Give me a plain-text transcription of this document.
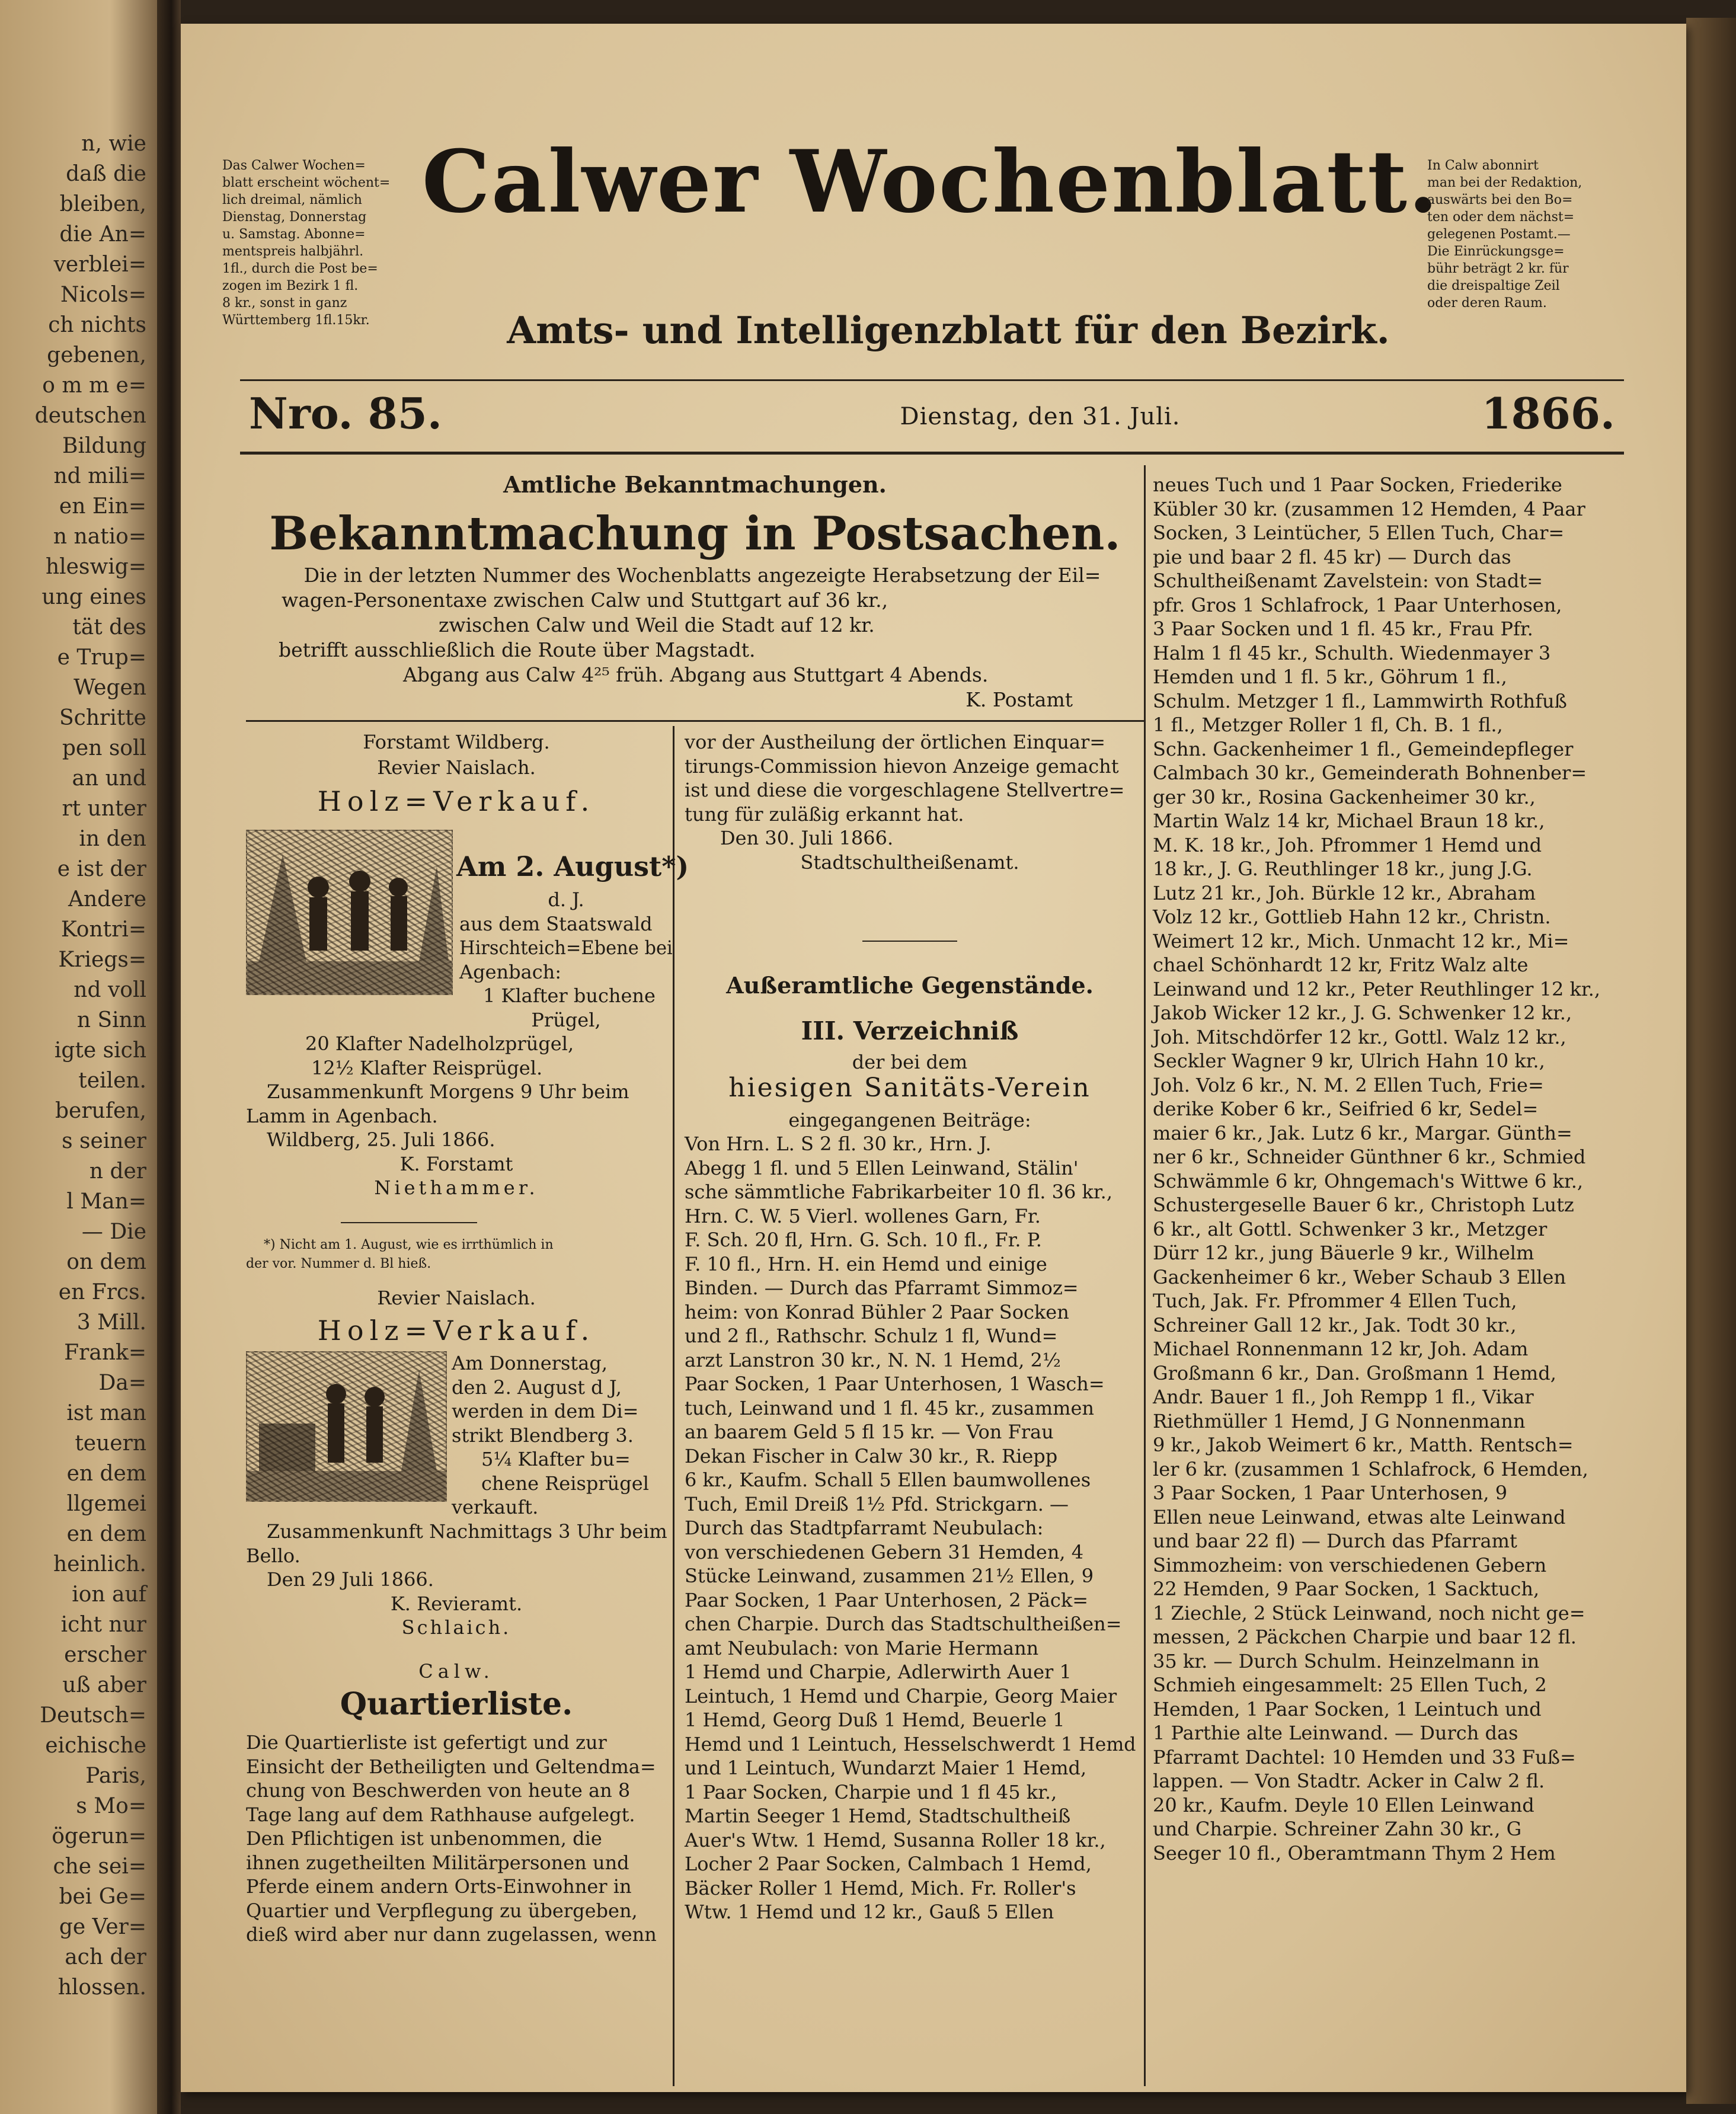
n, wie
daß die
bleiben,
die An=
verblei=
Nicols=
ch nichts
gebenen,
o m m e=
deutschen
Bildung
nd mili=
en Ein=
n natio=
hleswig=
ung eines
tät des
e Trup=
Wegen
Schritte
pen soll
an und
rt unter
in den
e ist der
Andere
Kontri=
Kriegs=
nd voll
n Sinn
igte sich
teilen.
berufen,
s seiner
n der
l Man=
— Die
on dem
en Frcs.
3 Mill.
Frank=
Da=
ist man
teuern
en dem
llgemei
en dem
heinlich.
ion auf
icht nur
erscher
uß aber
Deutsch=
eichische
Paris,
s Mo=
ögerun=
che sei=
bei Ge=
ge Ver=
ach der
hlossen.
Das Calwer Wochen=
blatt erscheint wöchent=
lich dreimal, nämlich
Dienstag, Donnerstag
u. Samstag. Abonne=
mentspreis halbjährl.
1fl., durch die Post be=
zogen im Bezirk 1 fl.
8 kr., sonst in ganz
Württemberg 1fl.15kr.
Calwer Wochenblatt.
In Calw abonnirt
man bei der Redaktion,
auswärts bei den Bo=
ten oder dem nächst=
gelegenen Postamt.—
Die Einrückungsge=
bühr beträgt 2 kr. für
die dreispaltige Zeil
oder deren Raum.
Amts- und Intelligenzblatt für den Bezirk.
Nro. 85.	Dienstag, den 31. Juli.	1866.
Amtliche Bekanntmachungen.
Bekanntmachung in Postsachen.
Die in der letzten Nummer des Wochenblatts angezeigte Herabsetzung der Eil=
wagen-Personentaxe zwischen Calw und Stuttgart auf 36 kr.,
zwischen Calw und Weil die Stadt auf 12 kr.
betrifft ausschließlich die Route über Magstadt.
Abgang aus Calw 4²⁵ früh. Abgang aus Stuttgart 4 Abends.
K. Postamt
Forstamt Wildberg.
Revier Naislach.
Holz=Verkauf.
Am 2. August*)
d. J.
aus dem Staatswald
Hirschteich=Ebene bei
Agenbach:
1 Klafter buchene
Prügel,
20 Klafter Nadelholzprügel,
12½ Klafter Reisprügel.
Zusammenkunft Morgens 9 Uhr beim
Lamm in Agenbach.
Wildberg, 25. Juli 1866.
K. Forstamt
Niethammer.
*) Nicht am 1. August, wie es irrthümlich in
der vor. Nummer d. Bl hieß.
Revier Naislach.
Holz=Verkauf.
Am Donnerstag,
den 2. August d J,
werden in dem Di=
strikt Blendberg 3.
5¼ Klafter bu=
chene Reisprügel
verkauft.
Zusammenkunft Nachmittags 3 Uhr beim
Bello.
Den 29 Juli 1866.
K. Revieramt.
Schlaich.
Calw.
Quartierliste.
Die Quartierliste ist gefertigt und zur
Einsicht der Betheiligten und Geltendma=
chung von Beschwerden von heute an 8
Tage lang auf dem Rathhause aufgelegt.
Den Pflichtigen ist unbenommen, die
ihnen zugetheilten Militärpersonen und
Pferde einem andern Orts-Einwohner in
Quartier und Verpflegung zu übergeben,
dieß wird aber nur dann zugelassen, wenn
vor der Austheilung der örtlichen Einquar=
tirungs-Commission hievon Anzeige gemacht
ist und diese die vorgeschlagene Stellvertre=
tung für zuläßig erkannt hat.
Den 30. Juli 1866.
Stadtschultheißenamt.
Außeramtliche Gegenstände.
III. Verzeichniß
der bei dem
hiesigen Sanitäts-Verein
eingegangenen Beiträge:
Von Hrn. L. S 2 fl. 30 kr., Hrn. J.
Abegg 1 fl. und 5 Ellen Leinwand, Stälin'
sche sämmtliche Fabrikarbeiter 10 fl. 36 kr.,
Hrn. C. W. 5 Vierl. wollenes Garn, Fr.
F. Sch. 20 fl, Hrn. G. Sch. 10 fl., Fr. P.
F. 10 fl., Hrn. H. ein Hemd und einige
Binden. — Durch das Pfarramt Simmoz=
heim: von Konrad Bühler 2 Paar Socken
und 2 fl., Rathschr. Schulz 1 fl, Wund=
arzt Lanstron 30 kr., N. N. 1 Hemd, 2½
Paar Socken, 1 Paar Unterhosen, 1 Wasch=
tuch, Leinwand und 1 fl. 45 kr., zusammen
an baarem Geld 5 fl 15 kr. — Von Frau
Dekan Fischer in Calw 30 kr., R. Riepp
6 kr., Kaufm. Schall 5 Ellen baumwollenes
Tuch, Emil Dreiß 1½ Pfd. Strickgarn. —
Durch das Stadtpfarramt Neubulach:
von verschiedenen Gebern 31 Hemden, 4
Stücke Leinwand, zusammen 21½ Ellen, 9
Paar Socken, 1 Paar Unterhosen, 2 Päck=
chen Charpie. Durch das Stadtschultheißen=
amt Neubulach: von Marie Hermann
1 Hemd und Charpie, Adlerwirth Auer 1
Leintuch, 1 Hemd und Charpie, Georg Maier
1 Hemd, Georg Duß 1 Hemd, Beuerle 1
Hemd und 1 Leintuch, Hesselschwerdt 1 Hemd
und 1 Leintuch, Wundarzt Maier 1 Hemd,
1 Paar Socken, Charpie und 1 fl 45 kr.,
Martin Seeger 1 Hemd, Stadtschultheiß
Auer's Wtw. 1 Hemd, Susanna Roller 18 kr.,
Locher 2 Paar Socken, Calmbach 1 Hemd,
Bäcker Roller 1 Hemd, Mich. Fr. Roller's
Wtw. 1 Hemd und 12 kr., Gauß 5 Ellen
neues Tuch und 1 Paar Socken, Friederike
Kübler 30 kr. (zusammen 12 Hemden, 4 Paar
Socken, 3 Leintücher, 5 Ellen Tuch, Char=
pie und baar 2 fl. 45 kr) — Durch das
Schultheißenamt Zavelstein: von Stadt=
pfr. Gros 1 Schlafrock, 1 Paar Unterhosen,
3 Paar Socken und 1 fl. 45 kr., Frau Pfr.
Halm 1 fl 45 kr., Schulth. Wiedenmayer 3
Hemden und 1 fl. 5 kr., Göhrum 1 fl.,
Schulm. Metzger 1 fl., Lammwirth Rothfuß
1 fl., Metzger Roller 1 fl, Ch. B. 1 fl.,
Schn. Gackenheimer 1 fl., Gemeindepfleger
Calmbach 30 kr., Gemeinderath Bohnenber=
ger 30 kr., Rosina Gackenheimer 30 kr.,
Martin Walz 14 kr, Michael Braun 18 kr.,
M. K. 18 kr., Joh. Pfrommer 1 Hemd und
18 kr., J. G. Reuthlinger 18 kr., jung J.G.
Lutz 21 kr., Joh. Bürkle 12 kr., Abraham
Volz 12 kr., Gottlieb Hahn 12 kr., Christn.
Weimert 12 kr., Mich. Unmacht 12 kr., Mi=
chael Schönhardt 12 kr, Fritz Walz alte
Leinwand und 12 kr., Peter Reuthlinger 12 kr.,
Jakob Wicker 12 kr., J. G. Schwenker 12 kr.,
Joh. Mitschdörfer 12 kr., Gottl. Walz 12 kr.,
Seckler Wagner 9 kr, Ulrich Hahn 10 kr.,
Joh. Volz 6 kr., N. M. 2 Ellen Tuch, Frie=
derike Kober 6 kr., Seifried 6 kr, Sedel=
maier 6 kr., Jak. Lutz 6 kr., Margar. Günth=
ner 6 kr., Schneider Günthner 6 kr., Schmied
Schwämmle 6 kr, Ohngemach's Wittwe 6 kr.,
Schustergeselle Bauer 6 kr., Christoph Lutz
6 kr., alt Gottl. Schwenker 3 kr., Metzger
Dürr 12 kr., jung Bäuerle 9 kr., Wilhelm
Gackenheimer 6 kr., Weber Schaub 3 Ellen
Tuch, Jak. Fr. Pfrommer 4 Ellen Tuch,
Schreiner Gall 12 kr., Jak. Todt 30 kr.,
Michael Ronnenmann 12 kr, Joh. Adam
Großmann 6 kr., Dan. Großmann 1 Hemd,
Andr. Bauer 1 fl., Joh Rempp 1 fl., Vikar
Riethmüller 1 Hemd, J G Nonnenmann
9 kr., Jakob Weimert 6 kr., Matth. Rentsch=
ler 6 kr. (zusammen 1 Schlafrock, 6 Hemden,
3 Paar Socken, 1 Paar Unterhosen, 9
Ellen neue Leinwand, etwas alte Leinwand
und baar 22 fl) — Durch das Pfarramt
Simmozheim: von verschiedenen Gebern
22 Hemden, 9 Paar Socken, 1 Sacktuch,
1 Ziechle, 2 Stück Leinwand, noch nicht ge=
messen, 2 Päckchen Charpie und baar 12 fl.
35 kr. — Durch Schulm. Heinzelmann in
Schmieh eingesammelt: 25 Ellen Tuch, 2
Hemden, 1 Paar Socken, 1 Leintuch und
1 Parthie alte Leinwand. — Durch das
Pfarramt Dachtel: 10 Hemden und 33 Fuß=
lappen. — Von Stadtr. Acker in Calw 2 fl.
20 kr., Kaufm. Deyle 10 Ellen Leinwand
und Charpie. Schreiner Zahn 30 kr., G
Seeger 10 fl., Oberamtmann Thym 2 Hem
